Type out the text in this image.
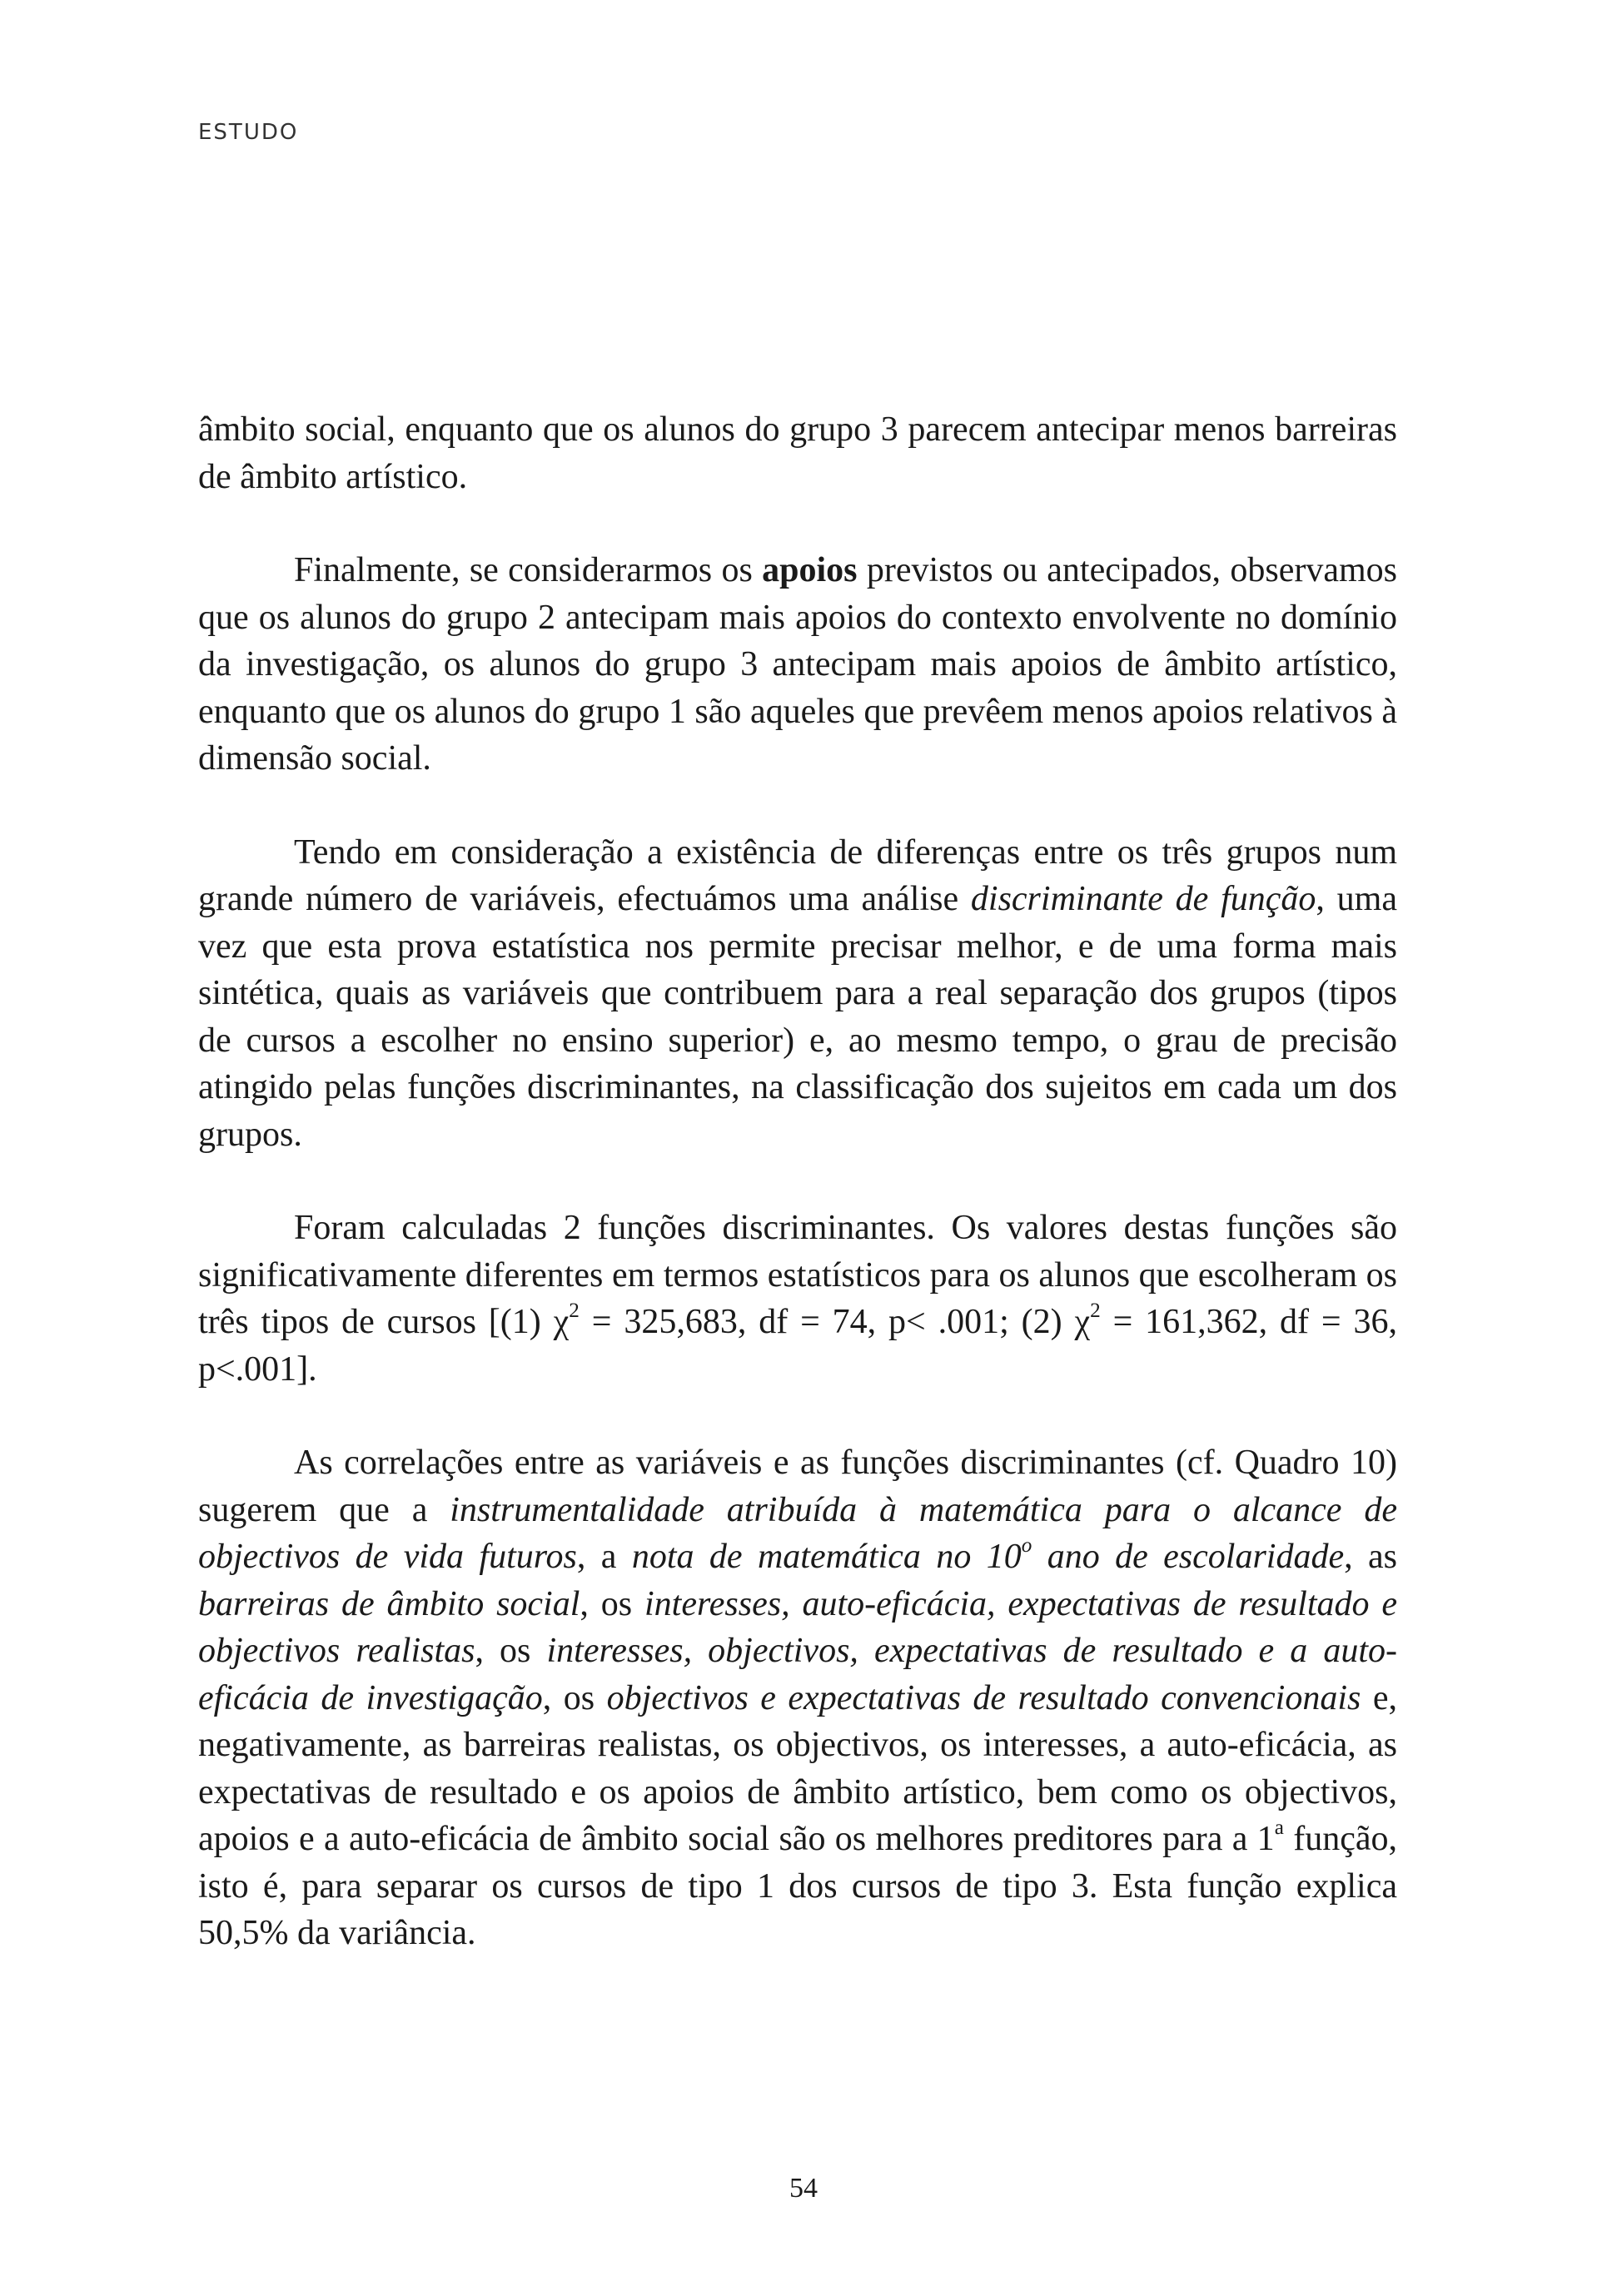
ESTUDO

âmbito social, enquanto que os alunos do grupo 3 parecem antecipar menos barreiras de âmbito artístico.

Finalmente, se considerarmos os apoios previstos ou antecipados, observamos que os alunos do grupo 2 antecipam mais apoios do contexto envolvente no domínio da investigação, os alunos do grupo 3 antecipam mais apoios de âmbito artístico, enquanto que os alunos do grupo 1 são aqueles que prevêem menos apoios relativos à dimensão social.

Tendo em consideração a existência de diferenças entre os três grupos num grande número de variáveis, efectuámos uma análise discriminante de função, uma vez que esta prova estatística nos permite precisar melhor, e de uma forma mais sintética, quais as variáveis que contribuem para a real separação dos grupos (tipos de cursos a escolher no ensino superior) e, ao mesmo tempo, o grau de precisão atingido pelas funções discriminantes, na classificação dos sujeitos em cada um dos grupos.

Foram calculadas 2 funções discriminantes. Os valores destas funções são significativamente diferentes em termos estatísticos para os alunos que escolheram os três tipos de cursos [(1) $\chi^2 = 325,683$, df = 74, p< .001; (2) $\chi^2 = 161,362$, df = 36, p<.001].

As correlações entre as variáveis e as funções discriminantes (cf. Quadro 10) sugerem que a instrumentalidade atribuída à matemática para o alcance de objectivos de vida futuros, a nota de matemática no 10$^o$ ano de escolaridade, as barreiras de âmbito social, os interesses, auto-eficácia, expectativas de resultado e objectivos realistas, os interesses, objectivos, expectativas de resultado e a auto-eficácia de investigação, os objectivos e expectativas de resultado convencionais e, negativamente, as barreiras realistas, os objectivos, os interesses, a auto-eficácia, as expectativas de resultado e os apoios de âmbito artístico, bem como os objectivos, apoios e a auto-eficácia de âmbito social são os melhores preditores para a 1$^a$ função, isto é, para separar os cursos de tipo 1 dos cursos de tipo 3. Esta função explica 50,5% da variância.

54
